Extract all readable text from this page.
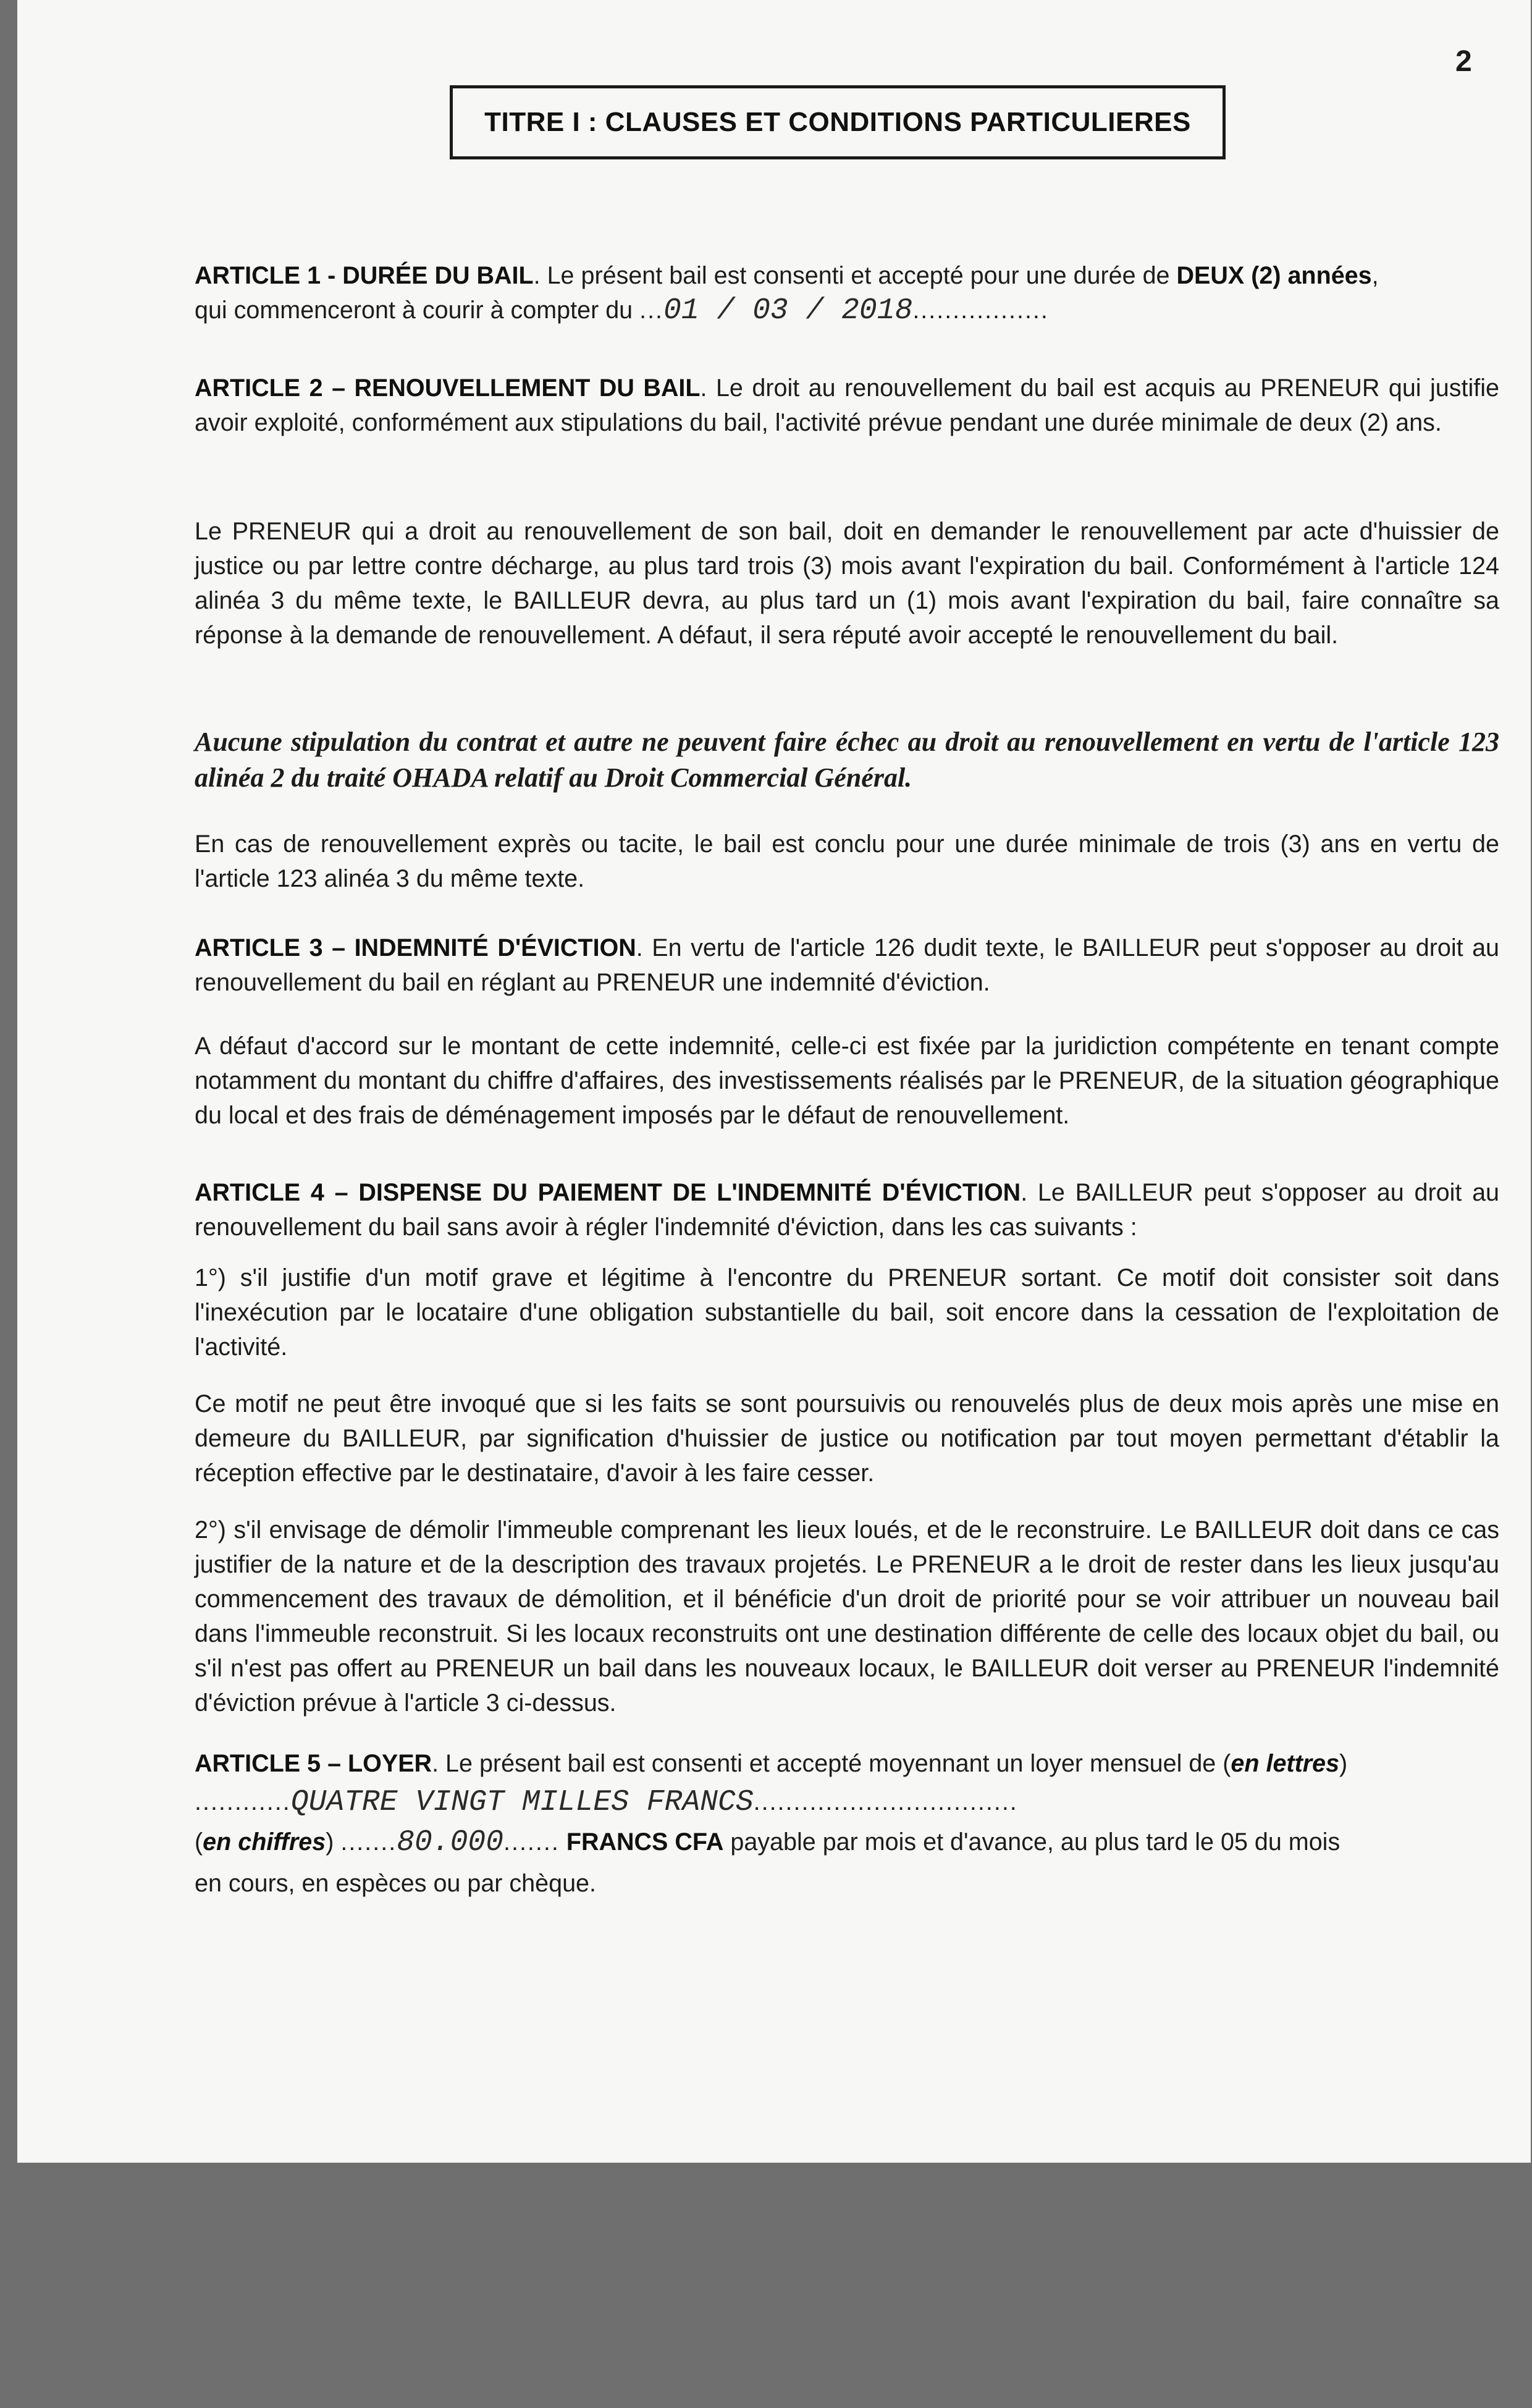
2
TITRE I : CLAUSES ET CONDITIONS PARTICULIERES

ARTICLE 1 - DURÉE DU BAIL. Le présent bail est consenti et accepté pour une durée de DEUX (2) années,
qui commenceront à courir à compter du ...01 / 03 / 2018.................

ARTICLE 2 – RENOUVELLEMENT DU BAIL. Le droit au renouvellement du bail est acquis au PRENEUR qui justifie avoir exploité, conformément aux stipulations du bail, l'activité prévue pendant une durée minimale de deux (2) ans.

Le PRENEUR qui a droit au renouvellement de son bail, doit en demander le renouvellement par acte d'huissier de justice ou par lettre contre décharge, au plus tard trois (3) mois avant l'expiration du bail. Conformément à l'article 124 alinéa 3 du même texte, le BAILLEUR devra, au plus tard un (1) mois avant l'expiration du bail, faire connaître sa réponse à la demande de renouvellement. A défaut, il sera réputé avoir accepté le renouvellement du bail.

Aucune stipulation du contrat et autre ne peuvent faire échec au droit au renouvellement en vertu de l'article 123 alinéa 2 du traité OHADA relatif au Droit Commercial Général.

En cas de renouvellement exprès ou tacite, le bail est conclu pour une durée minimale de trois (3) ans en vertu de l'article 123 alinéa 3 du même texte.

ARTICLE 3 – INDEMNITÉ D'ÉVICTION. En vertu de l'article 126 dudit texte, le BAILLEUR peut s'opposer au droit au renouvellement du bail en réglant au PRENEUR une indemnité d'éviction.

A défaut d'accord sur le montant de cette indemnité, celle-ci est fixée par la juridiction compétente en tenant compte notamment du montant du chiffre d'affaires, des investissements réalisés par le PRENEUR, de la situation géographique du local et des frais de déménagement imposés par le défaut de renouvellement.

ARTICLE 4 – DISPENSE DU PAIEMENT DE L'INDEMNITÉ D'ÉVICTION. Le BAILLEUR peut s'opposer au droit au renouvellement du bail sans avoir à régler l'indemnité d'éviction, dans les cas suivants :

1°) s'il justifie d'un motif grave et légitime à l'encontre du PRENEUR sortant. Ce motif doit consister soit dans l'inexécution par le locataire d'une obligation substantielle du bail, soit encore dans la cessation de l'exploitation de l'activité.

Ce motif ne peut être invoqué que si les faits se sont poursuivis ou renouvelés plus de deux mois après une mise en demeure du BAILLEUR, par signification d'huissier de justice ou notification par tout moyen permettant d'établir la réception effective par le destinataire, d'avoir à les faire cesser.

2°) s'il envisage de démolir l'immeuble comprenant les lieux loués, et de le reconstruire. Le BAILLEUR doit dans ce cas justifier de la nature et de la description des travaux projetés. Le PRENEUR a le droit de rester dans les lieux jusqu'au commencement des travaux de démolition, et il bénéficie d'un droit de priorité pour se voir attribuer un nouveau bail dans l'immeuble reconstruit. Si les locaux reconstruits ont une destination différente de celle des locaux objet du bail, ou s'il n'est pas offert au PRENEUR un bail dans les nouveaux locaux, le BAILLEUR doit verser au PRENEUR l'indemnité d'éviction prévue à l'article 3 ci-dessus.

ARTICLE 5 – LOYER. Le présent bail est consenti et accepté moyennant un loyer mensuel de (en lettres)
............QUATRE VINGT MILLES FRANCS.................................
(en chiffres) .......80.000....... FRANCS CFA payable par mois et d'avance, au plus tard le 05 du mois
en cours, en espèces ou par chèque.
